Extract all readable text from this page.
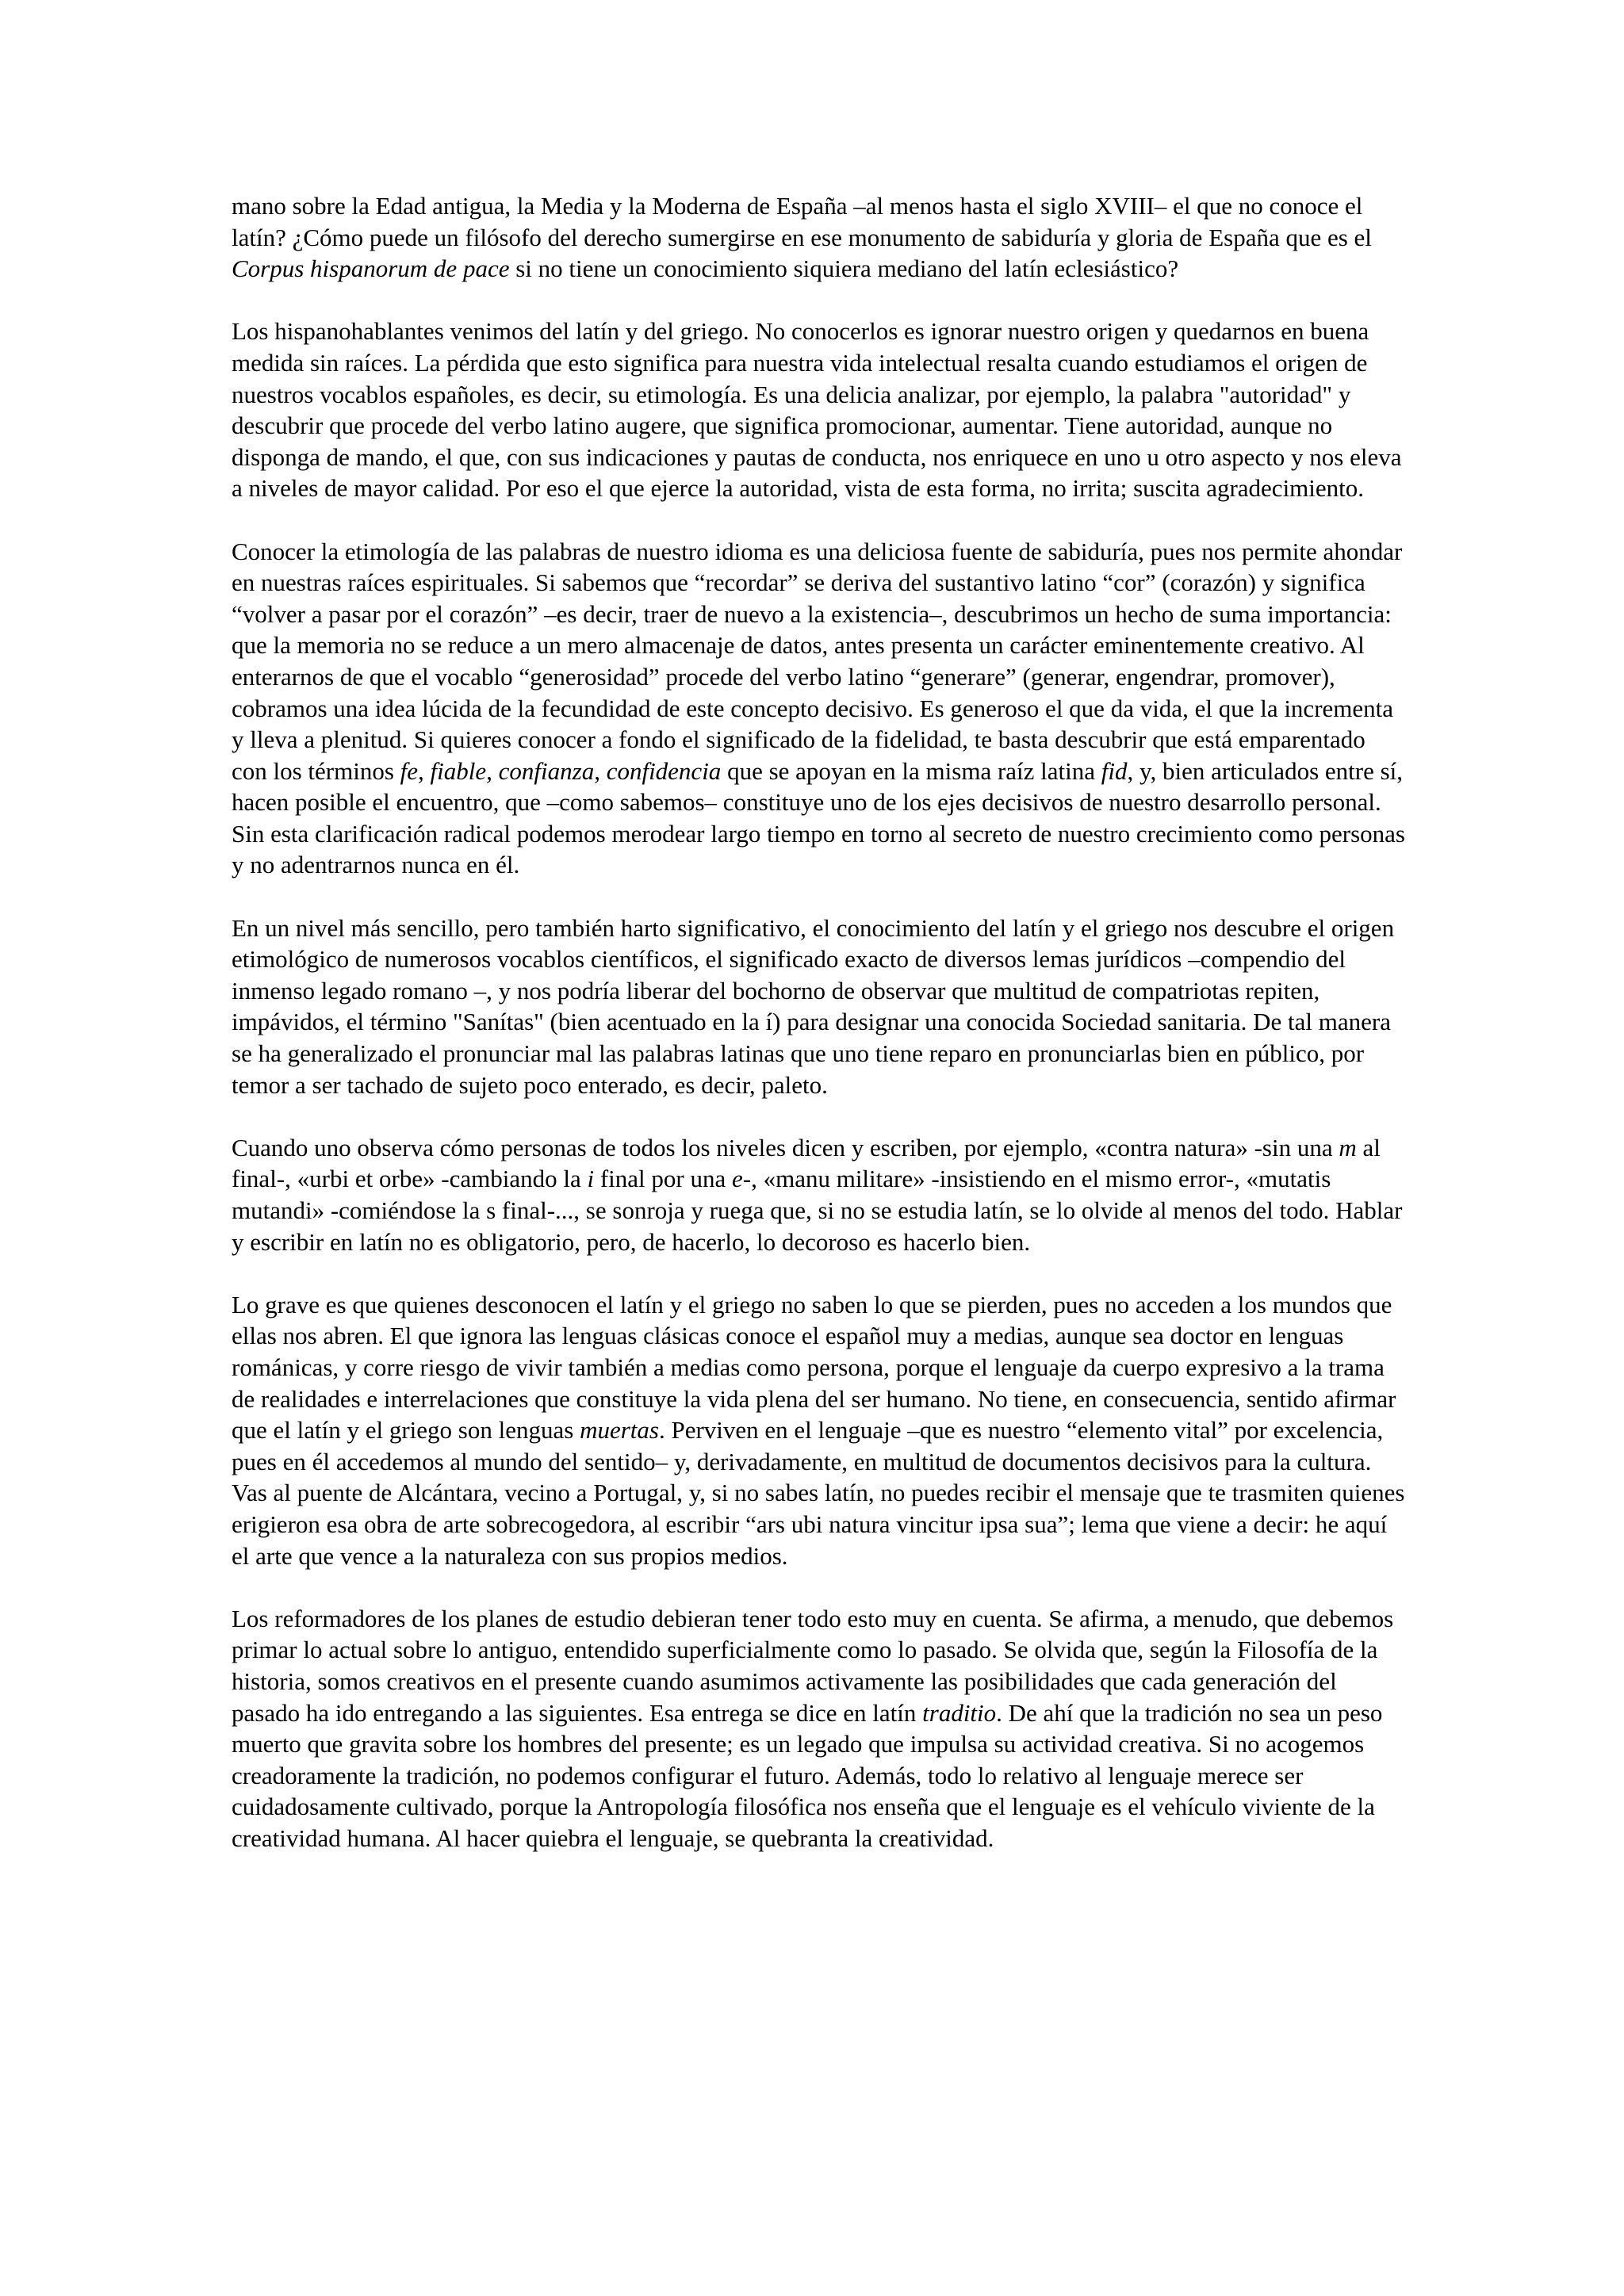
mano sobre la Edad antigua, la Media y la Moderna de España –al menos hasta el siglo XVIII– el que no conoce el latín? ¿Cómo puede un filósofo del derecho sumergirse en ese monumento de sabiduría y gloria de España que es el Corpus hispanorum de pace si no tiene un conocimiento siquiera mediano del latín eclesiástico?

Los hispanohablantes venimos del latín y del griego. No conocerlos es ignorar nuestro origen y quedarnos en buena medida sin raíces. La pérdida que esto significa para nuestra vida intelectual resalta cuando estudiamos el origen de nuestros vocablos españoles, es decir, su etimología. Es una delicia analizar, por ejemplo, la palabra "autoridad" y descubrir que procede del verbo latino augere, que significa promocionar, aumentar. Tiene autoridad, aunque no disponga de mando, el que, con sus indicaciones y pautas de conducta, nos enriquece en uno u otro aspecto y nos eleva a niveles de mayor calidad. Por eso el que ejerce la autoridad, vista de esta forma, no irrita; suscita agradecimiento.

Conocer la etimología de las palabras de nuestro idioma es una deliciosa fuente de sabiduría, pues nos permite ahondar en nuestras raíces espirituales. Si sabemos que “recordar” se deriva del sustantivo latino “cor” (corazón) y significa “volver a pasar por el corazón” –es decir, traer de nuevo a la existencia–, descubrimos un hecho de suma importancia: que la memoria no se reduce a un mero almacenaje de datos, antes presenta un carácter eminentemente creativo. Al enterarnos de que el vocablo “generosidad” procede del verbo latino “generare” (generar, engendrar, promover), cobramos una idea lúcida de la fecundidad de este concepto decisivo. Es generoso el que da vida, el que la incrementa y lleva a plenitud. Si quieres conocer a fondo el significado de la fidelidad, te basta descubrir que está emparentado con los términos fe, fiable, confianza, confidencia que se apoyan en la misma raíz latina fid, y, bien articulados entre sí, hacen posible el encuentro, que –como sabemos– constituye uno de los ejes decisivos de nuestro desarrollo personal. Sin esta clarificación radical podemos merodear largo tiempo en torno al secreto de nuestro crecimiento como personas y no adentrarnos nunca en él.

En un nivel más sencillo, pero también harto significativo, el conocimiento del latín y el griego nos descubre el origen etimológico de numerosos vocablos científicos, el significado exacto de diversos lemas jurídicos –compendio del inmenso legado romano –, y nos podría liberar del bochorno de observar que multitud de compatriotas repiten, impávidos, el término "Sanítas" (bien acentuado en la í) para designar una conocida Sociedad sanitaria. De tal manera se ha generalizado el pronunciar mal las palabras latinas que uno tiene reparo en pronunciarlas bien en público, por temor a ser tachado de sujeto poco enterado, es decir, paleto.

Cuando uno observa cómo personas de todos los niveles dicen y escriben, por ejemplo, «contra natura» -sin una m al final-, «urbi et orbe» -cambiando la i final por una e-, «manu militare» -insistiendo en el mismo error-, «mutatis mutandi» -comiéndose la s final-..., se sonroja y ruega que, si no se estudia latín, se lo olvide al menos del todo. Hablar y escribir en latín no es obligatorio, pero, de hacerlo, lo decoroso es hacerlo bien.

Lo grave es que quienes desconocen el latín y el griego no saben lo que se pierden, pues no acceden a los mundos que ellas nos abren. El que ignora las lenguas clásicas conoce el español muy a medias, aunque sea doctor en lenguas románicas, y corre riesgo de vivir también a medias como persona, porque el lenguaje da cuerpo expresivo a la trama de realidades e interrelaciones que constituye la vida plena del ser humano. No tiene, en consecuencia, sentido afirmar que el latín y el griego son lenguas muertas. Perviven en el lenguaje –que es nuestro “elemento vital” por excelencia, pues en él accedemos al mundo del sentido– y, derivadamente, en multitud de documentos decisivos para la cultura. Vas al puente de Alcántara, vecino a Portugal, y, si no sabes latín, no puedes recibir el mensaje que te trasmiten quienes erigieron esa obra de arte sobrecogedora, al escribir “ars ubi natura vincitur ipsa sua”; lema que viene a decir: he aquí el arte que vence a la naturaleza con sus propios medios.

Los reformadores de los planes de estudio debieran tener todo esto muy en cuenta. Se afirma, a menudo, que debemos primar lo actual sobre lo antiguo, entendido superficialmente como lo pasado. Se olvida que, según la Filosofía de la historia, somos creativos en el presente cuando asumimos activamente las posibilidades que cada generación del pasado ha ido entregando a las siguientes. Esa entrega se dice en latín traditio. De ahí que la tradición no sea un peso muerto que gravita sobre los hombres del presente; es un legado que impulsa su actividad creativa. Si no acogemos creadoramente la tradición, no podemos configurar el futuro. Además, todo lo relativo al lenguaje merece ser cuidadosamente cultivado, porque la Antropología filosófica nos enseña que el lenguaje es el vehículo viviente de la creatividad humana. Al hacer quiebra el lenguaje, se quebranta la creatividad.
